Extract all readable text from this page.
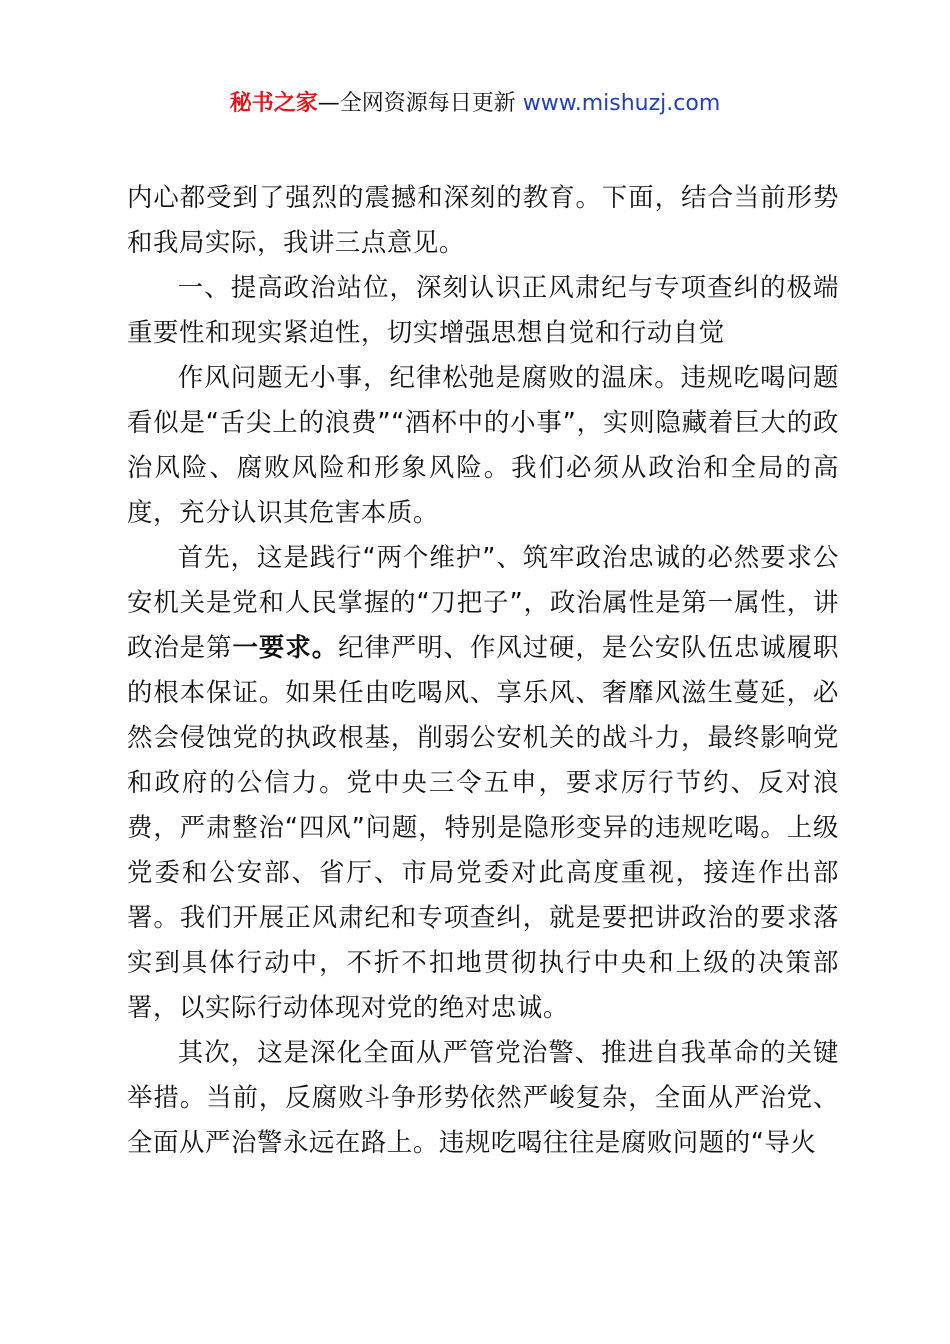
秘书之家—全网资源每日更新 www.mishuzj.com

内心都受到了强烈的震撼和深刻的教育。下面，结合当前形势和我局实际，我讲三点意见。

一、提高政治站位，深刻认识正风肃纪与专项查纠的极端重要性和现实紧迫性，切实增强思想自觉和行动自觉

作风问题无小事，纪律松弛是腐败的温床。违规吃喝问题看似是“舌尖上的浪费”“酒杯中的小事”，实则隐藏着巨大的政治风险、腐败风险和形象风险。我们必须从政治和全局的高度，充分认识其危害本质。

首先，这是践行“两个维护”、筑牢政治忠诚的必然要求公安机关是党和人民掌握的“刀把子”，政治属性是第一属性，讲政治是第一要求。纪律严明、作风过硬，是公安队伍忠诚履职的根本保证。如果任由吃喝风、享乐风、奢靡风滋生蔓延，必然会侵蚀党的执政根基，削弱公安机关的战斗力，最终影响党和政府的公信力。党中央三令五申，要求厉行节约、反对浪费，严肃整治“四风”问题，特别是隐形变异的违规吃喝。上级党委和公安部、省厅、市局党委对此高度重视，接连作出部署。我们开展正风肃纪和专项查纠，就是要把讲政治的要求落实到具体行动中，不折不扣地贯彻执行中央和上级的决策部署，以实际行动体现对党的绝对忠诚。

其次，这是深化全面从严管党治警、推进自我革命的关键举措。当前，反腐败斗争形势依然严峻复杂，全面从严治党、全面从严治警永远在路上。违规吃喝往往是腐败问题的“导火
